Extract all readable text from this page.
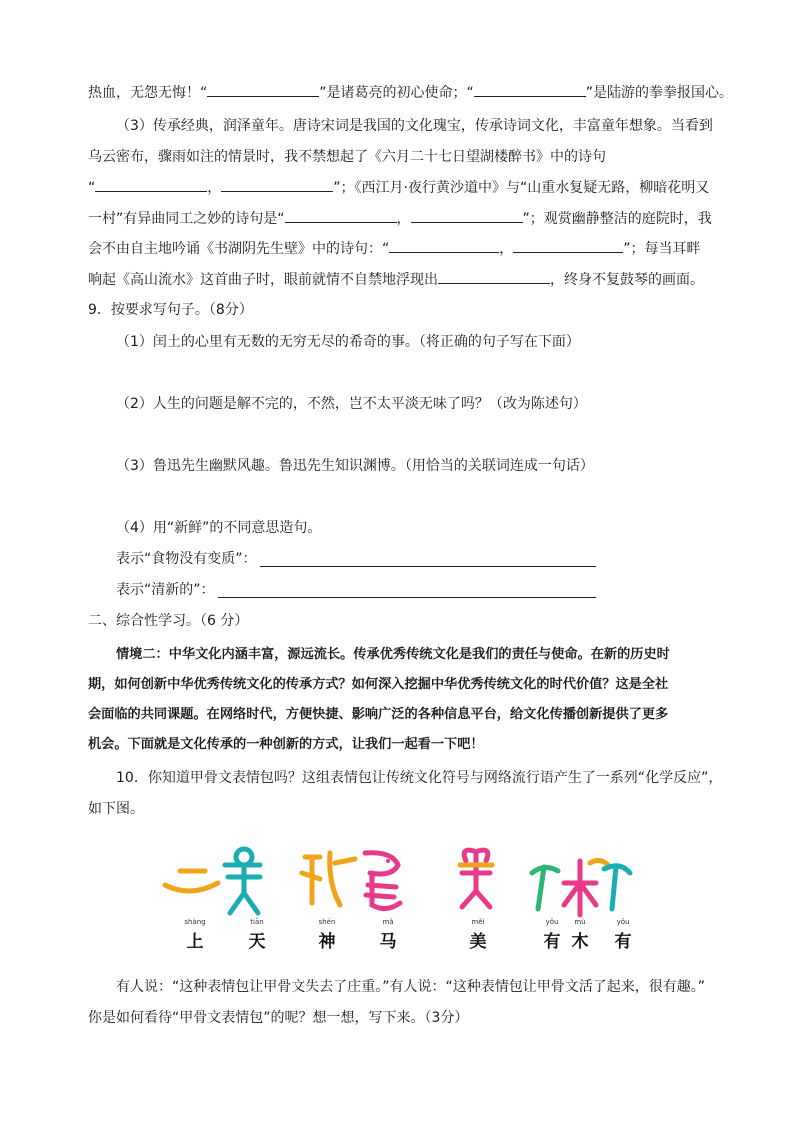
热血，无怨无悔！“	”是诸葛亮的初心使命；“	”是陆游的拳拳报国心。
（3）传承经典，润泽童年。唐诗宋词是我国的文化瑰宝，传承诗词文化，丰富童年想象。当看到
乌云密布，骤雨如注的情景时，我不禁想起了《六月二十七日望湖楼醉书》中的诗句
“	，	”；《西江月·夜行黄沙道中》与“山重水复疑无路，柳暗花明又
一村”有异曲同工之妙的诗句是“	，	”；观赏幽静整洁的庭院时，我
会不由自主地吟诵《书湖阴先生壁》中的诗句：“	，	”；每当耳畔
响起《高山流水》这首曲子时，眼前就情不自禁地浮现出	，终身不复鼓琴的画面。
9．按要求写句子。（8分）
（1）闰土的心里有无数的无穷无尽的希奇的事。（将正确的句子写在下面）
（2）人生的问题是解不完的，不然，岂不太平淡无味了吗？（改为陈述句）
（3）鲁迅先生幽默风趣。鲁迅先生知识渊博。（用恰当的关联词连成一句话）
（4）用“新鲜”的不同意思造句。
表示“食物没有变质”：
表示“清新的”：
二、综合性学习。（6 分）
情境二：中华文化内涵丰富，源远流长。传承优秀传统文化是我们的责任与使命。在新的历史时
期，如何创新中华优秀传统文化的传承方式？如何深入挖掘中华优秀传统文化的时代价值？这是全社
会面临的共同课题。在网络时代，方便快捷、影响广泛的各种信息平台，给文化传播创新提供了更多
机会。下面就是文化传承的一种创新的方式，让我们一起看一下吧！
10．你知道甲骨文表情包吗？这组表情包让传统文化符号与网络流行语产生了一系列“化学反应”，
如下图。
shàng
上
tiān
天
shén
神
mǎ
马
měi
美
yǒu
有
mù
木
yǒu
有
有人说：“这种表情包让甲骨文失去了庄重。”有人说：“这种表情包让甲骨文活了起来，很有趣。”
你是如何看待“甲骨文表情包”的呢？想一想，写下来。（3分）
